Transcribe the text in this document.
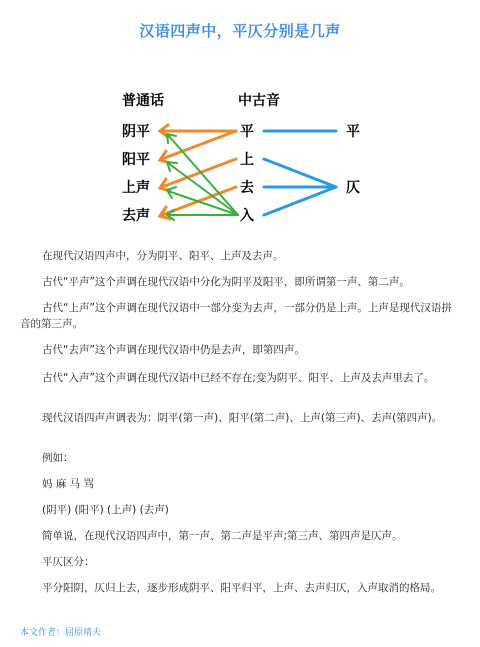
汉语四声中，平仄分别是几声
普通话	中古音
阴平
阳平
上声
去声
平
上
去
入
平
仄

在现代汉语四声中，分为阴平、阳平、上声及去声。

古代“平声”这个声调在现代汉语中分化为阴平及阳平，即所谓第一声、第二声。

古代“上声”这个声调在现代汉语中一部分变为去声，一部分仍是上声。上声是现代汉语拼音的第三声。

古代“去声”这个声调在现代汉语中仍是去声，即第四声。

古代“入声”这个声调在现代汉语中已经不存在;变为阴平、阳平、上声及去声里去了。

现代汉语四声声调表为：阴平(第一声)、阳平(第二声)、上声(第三声)、去声(第四声)。

例如：

妈 麻 马 骂

(阴平) (阳平) (上声) (去声)

简单说，在现代汉语四声中，第一声、第二声是平声;第三声、第四声是仄声。

平仄区分：

平分阳阴，仄归上去，逐步形成阴平、阳平归平，上声、去声归仄，入声取消的格局。

本文作者：屈原靖夫
